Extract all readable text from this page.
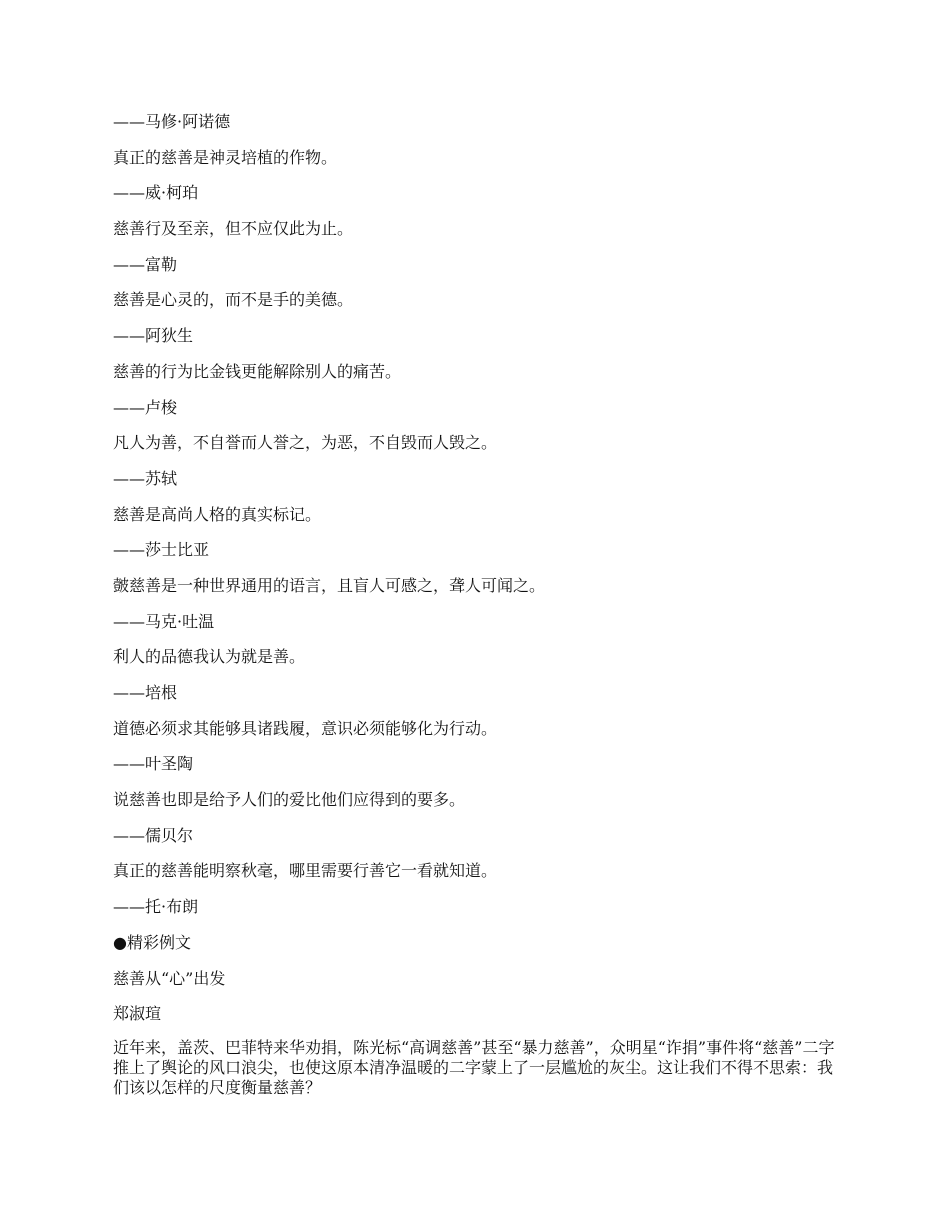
——马修·阿诺德
真正的慈善是神灵培植的作物。
——威·柯珀
慈善行及至亲，但不应仅此为止。
——富勒
慈善是心灵的，而不是手的美德。
——阿狄生
慈善的行为比金钱更能解除别人的痛苦。
——卢梭
凡人为善，不自誉而人誉之，为恶，不自毁而人毁之。
——苏轼
慈善是高尚人格的真实标记。
——莎士比亚
皼慈善是一种世界通用的语言，且盲人可感之，聋人可闻之。
——马克·吐温
利人的品德我认为就是善。
——培根
道德必须求其能够具诸践履，意识必须能够化为行动。
——叶圣陶
说慈善也即是给予人们的爱比他们应得到的要多。
——儒贝尔
真正的慈善能明察秋毫，哪里需要行善它一看就知道。
——托·布朗
●精彩例文
慈善从“心”出发
郑淑瑄

近年来，盖茨、巴菲特来华劝捐，陈光标“高调慈善”甚至“暴力慈善”，众明星“诈捐”事件将“慈善”二字推上了舆论的风口浪尖，也使这原本清净温暖的二字蒙上了一层尴尬的灰尘。这让我们不得不思索：我们该以怎样的尺度衡量慈善？
